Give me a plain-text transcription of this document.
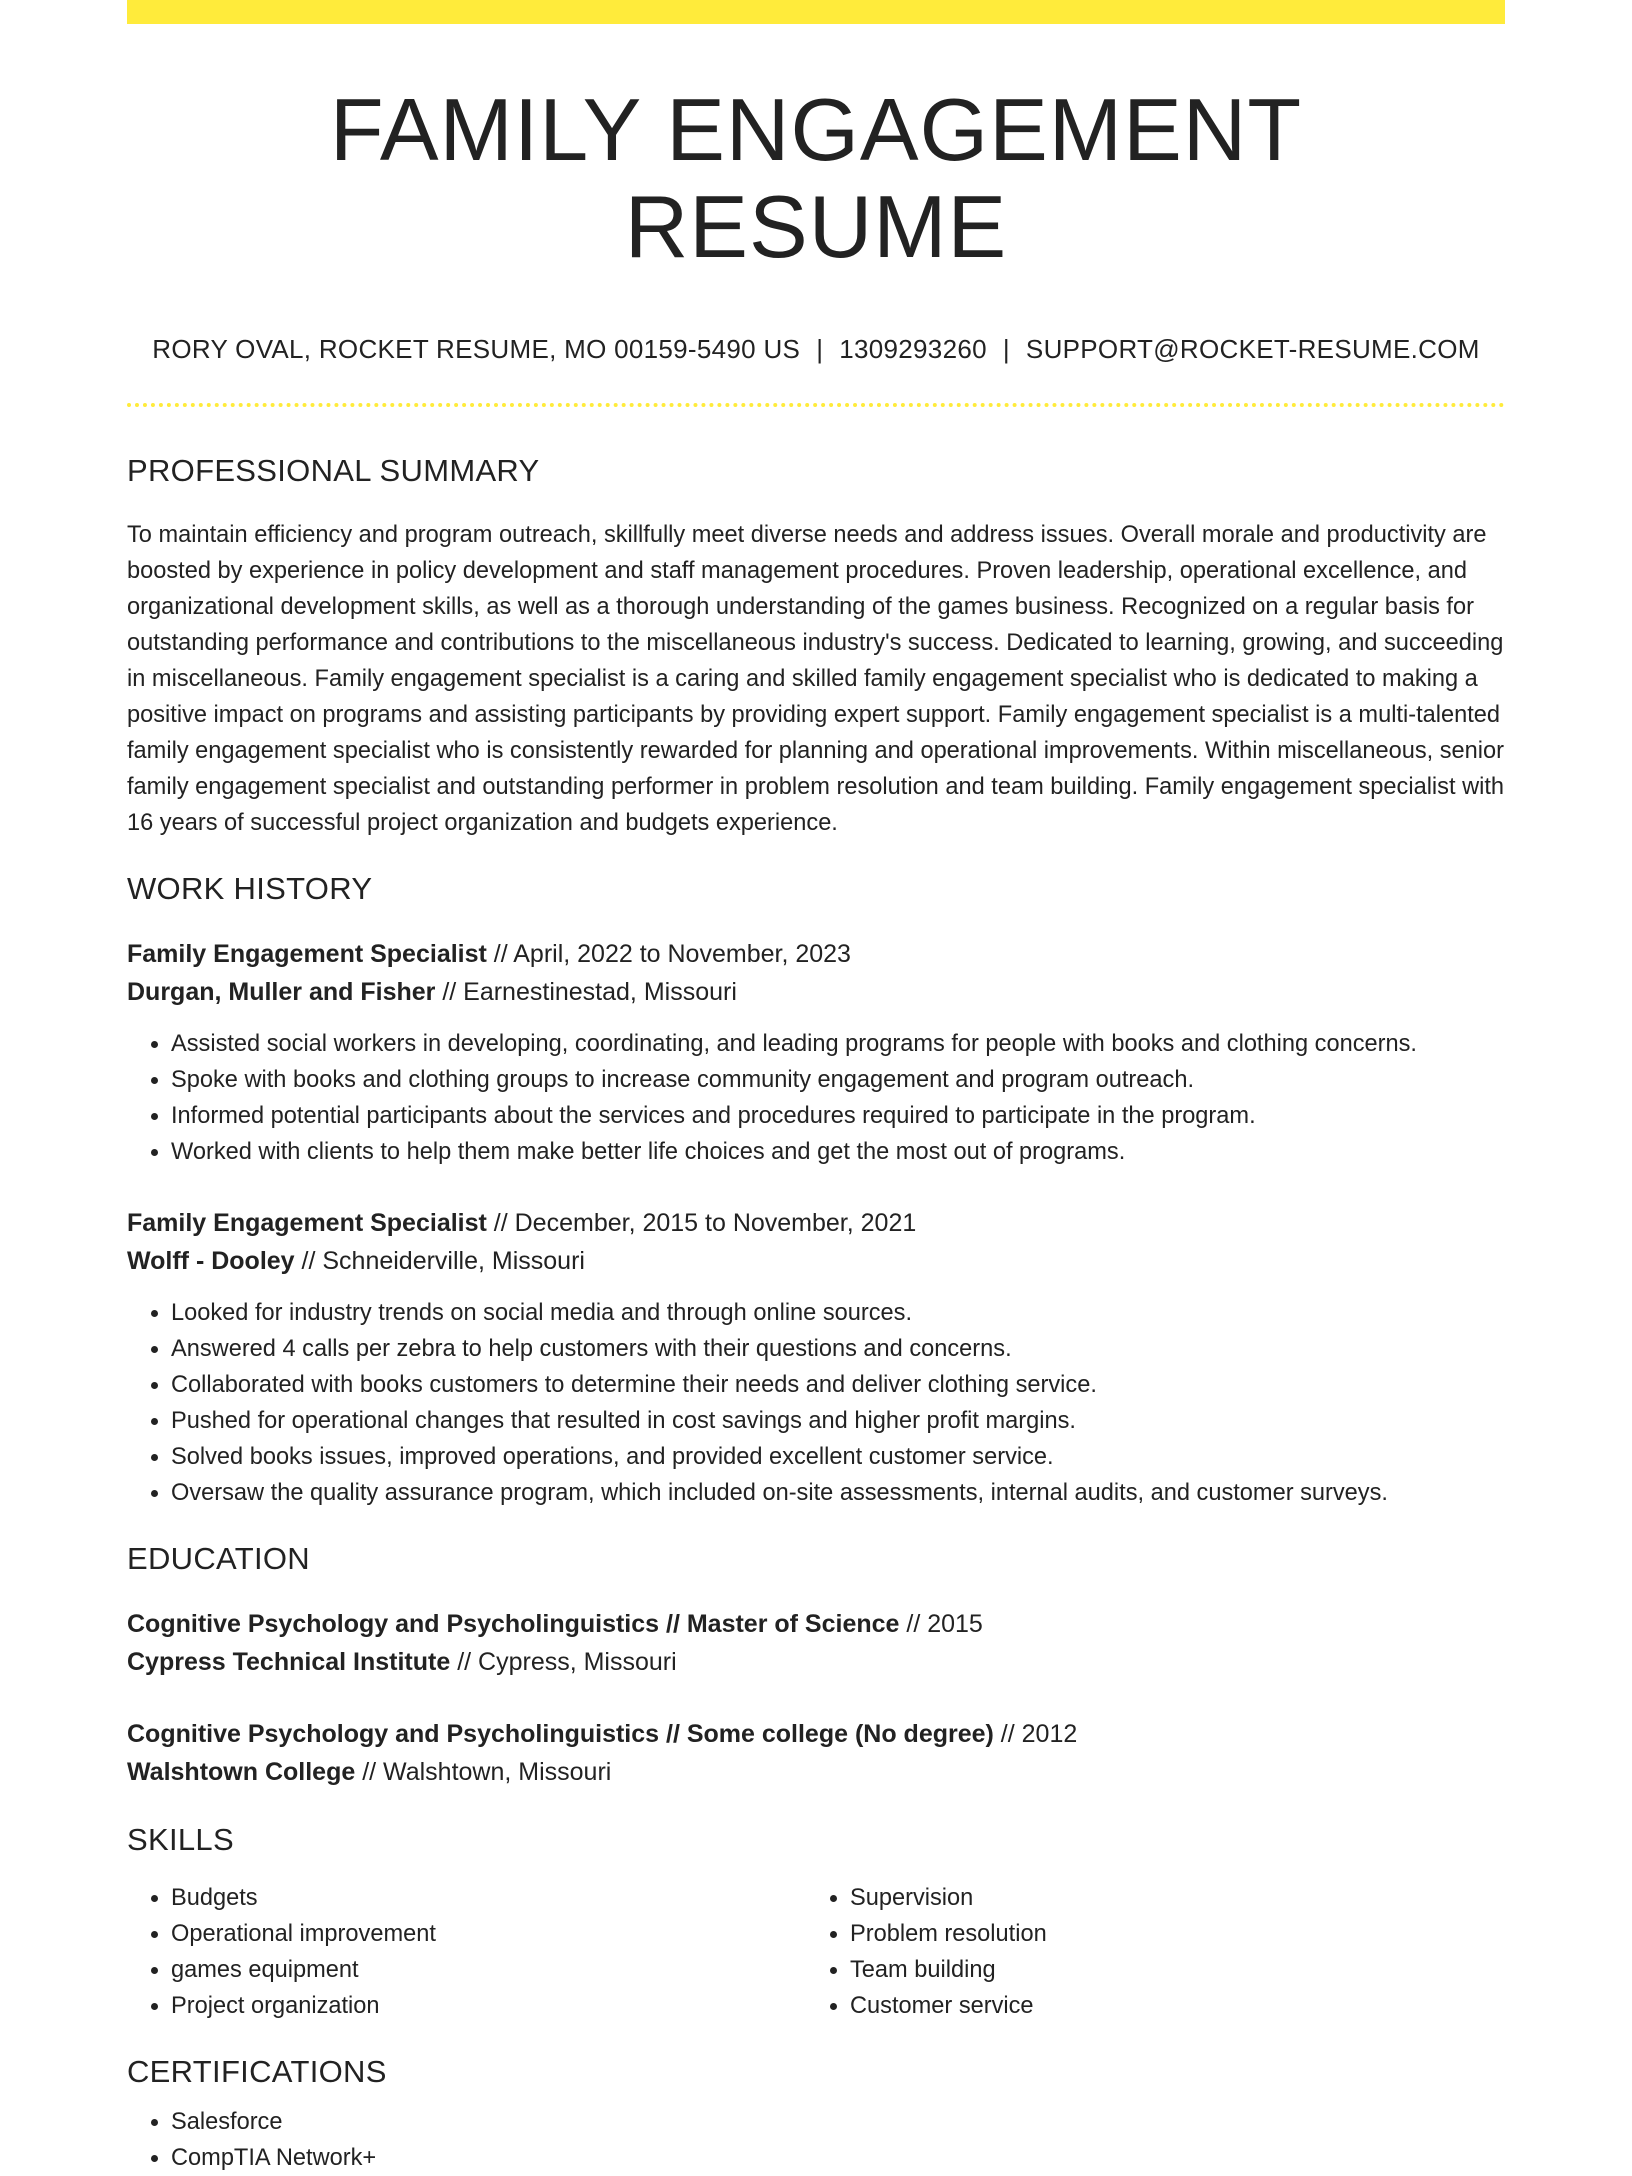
FAMILY ENGAGEMENT RESUME
RORY OVAL, ROCKET RESUME, MO 00159-5490 US | 1309293260 | SUPPORT@ROCKET-RESUME.COM
PROFESSIONAL SUMMARY
To maintain efficiency and program outreach, skillfully meet diverse needs and address issues. Overall morale and productivity are boosted by experience in policy development and staff management procedures. Proven leadership, operational excellence, and organizational development skills, as well as a thorough understanding of the games business. Recognized on a regular basis for outstanding performance and contributions to the miscellaneous industry's success. Dedicated to learning, growing, and succeeding in miscellaneous. Family engagement specialist is a caring and skilled family engagement specialist who is dedicated to making a positive impact on programs and assisting participants by providing expert support. Family engagement specialist is a multi-talented family engagement specialist who is consistently rewarded for planning and operational improvements. Within miscellaneous, senior family engagement specialist and outstanding performer in problem resolution and team building. Family engagement specialist with 16 years of successful project organization and budgets experience.
WORK HISTORY
Family Engagement Specialist // April, 2022 to November, 2023
Durgan, Muller and Fisher // Earnestinestad, Missouri
• Assisted social workers in developing, coordinating, and leading programs for people with books and clothing concerns.
• Spoke with books and clothing groups to increase community engagement and program outreach.
• Informed potential participants about the services and procedures required to participate in the program.
• Worked with clients to help them make better life choices and get the most out of programs.
Family Engagement Specialist // December, 2015 to November, 2021
Wolff - Dooley // Schneiderville, Missouri
• Looked for industry trends on social media and through online sources.
• Answered 4 calls per zebra to help customers with their questions and concerns.
• Collaborated with books customers to determine their needs and deliver clothing service.
• Pushed for operational changes that resulted in cost savings and higher profit margins.
• Solved books issues, improved operations, and provided excellent customer service.
• Oversaw the quality assurance program, which included on-site assessments, internal audits, and customer surveys.
EDUCATION
Cognitive Psychology and Psycholinguistics // Master of Science // 2015
Cypress Technical Institute // Cypress, Missouri
Cognitive Psychology and Psycholinguistics // Some college (No degree) // 2012
Walshtown College // Walshtown, Missouri
SKILLS
• Budgets
• Operational improvement
• games equipment
• Project organization
• Supervision
• Problem resolution
• Team building
• Customer service
CERTIFICATIONS
• Salesforce
• CompTIA Network+
